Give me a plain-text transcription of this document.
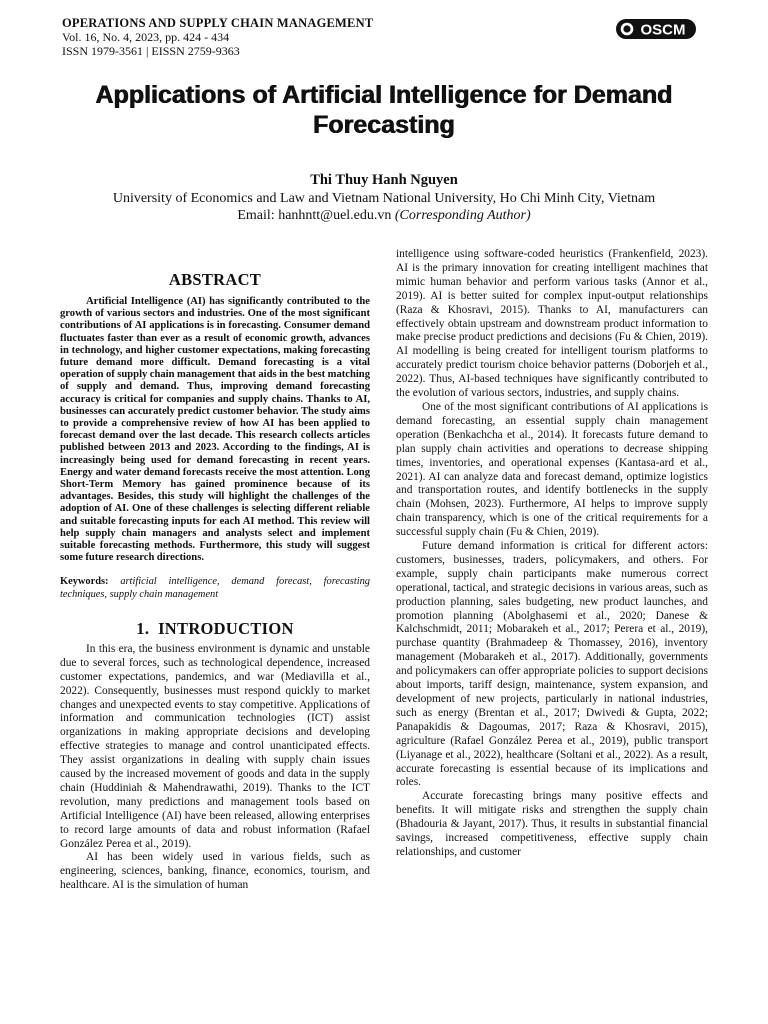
OPERATIONS AND SUPPLY CHAIN MANAGEMENT
Vol. 16, No. 4, 2023, pp. 424 - 434
ISSN 1979-3561 | EISSN 2759-9363
OSCM
Applications of Artificial Intelligence for Demand Forecasting
Thi Thuy Hanh Nguyen
University of Economics and Law and Vietnam National University, Ho Chi Minh City, Vietnam
Email: hanhntt@uel.edu.vn (Corresponding Author)
ABSTRACT

Artificial Intelligence (AI) has significantly contributed to the growth of various sectors and industries. One of the most significant contributions of AI applications is in forecasting. Consumer demand fluctuates faster than ever as a result of economic growth, advances in technology, and higher customer expectations, making forecasting future demand more difficult. Demand forecasting is a vital operation of supply chain management that aids in the best matching of supply and demand. Thus, improving demand forecasting accuracy is critical for companies and supply chains. Thanks to AI, businesses can accurately predict customer behavior. The study aims to provide a comprehensive review of how AI has been applied to forecast demand over the last decade. This research collects articles published between 2013 and 2023. According to the findings, AI is increasingly being used for demand forecasting in recent years. Energy and water demand forecasts receive the most attention. Long Short-Term Memory has gained prominence because of its advantages. Besides, this study will highlight the challenges of the adoption of AI. One of these challenges is selecting different reliable and suitable forecasting inputs for each AI method. This review will help supply chain managers and analysts select and implement suitable forecasting methods. Furthermore, this study will suggest some future research directions.

Keywords: artificial intelligence, demand forecast, forecasting techniques, supply chain management

1.  INTRODUCTION

In this era, the business environment is dynamic and unstable due to several forces, such as technological dependence, increased customer expectations, pandemics, and war (Mediavilla et al., 2022). Consequently, businesses must respond quickly to market changes and unexpected events to stay competitive. Applications of information and communication technologies (ICT) assist organizations in making appropriate decisions and developing effective strategies to manage and control unanticipated effects. They assist organizations in dealing with supply chain issues caused by the increased movement of goods and data in the supply chain (Huddiniah & Mahendrawathi, 2019). Thanks to the ICT revolution, many predictions and management tools based on Artificial Intelligence (AI) have been released, allowing enterprises to record large amounts of data and robust information (Rafael González Perea et al., 2019).

AI has been widely used in various fields, such as engineering, sciences, banking, finance, economics, tourism, and healthcare. AI is the simulation of human

intelligence using software-coded heuristics (Frankenfield, 2023). AI is the primary innovation for creating intelligent machines that mimic human behavior and perform various tasks (Annor et al., 2019). AI is better suited for complex input-output relationships (Raza & Khosravi, 2015). Thanks to AI, manufacturers can effectively obtain upstream and downstream product information to make precise product predictions and decisions (Fu & Chien, 2019). AI modelling is being created for intelligent tourism platforms to accurately predict tourism choice behavior patterns (Doborjeh et al., 2022). Thus, AI-based techniques have significantly contributed to the evolution of various sectors, industries, and supply chains.

One of the most significant contributions of AI applications is demand forecasting, an essential supply chain management operation (Benkachcha et al., 2014). It forecasts future demand to plan supply chain activities and operations to decrease shipping times, inventories, and operational expenses (Kantasa-ard et al., 2021). AI can analyze data and forecast demand, optimize logistics and transportation routes, and identify bottlenecks in the supply chain (Mohsen, 2023). Furthermore, AI helps to improve supply chain transparency, which is one of the critical requirements for a successful supply chain (Fu & Chien, 2019).

Future demand information is critical for different actors: customers, businesses, traders, policymakers, and others. For example, supply chain participants make numerous correct operational, tactical, and strategic decisions in various areas, such as production planning, sales budgeting, new product launches, and promotion planning (Abolghasemi et al., 2020; Danese & Kalchschmidt, 2011; Mobarakeh et al., 2017; Perera et al., 2019), purchase quantity (Brahmadeep & Thomassey, 2016), inventory management (Mobarakeh et al., 2017). Additionally, governments and policymakers can offer appropriate policies to support decisions about imports, tariff design, maintenance, system expansion, and development of new projects, particularly in national industries, such as energy (Brentan et al., 2017; Dwivedi & Gupta, 2022; Panapakidis & Dagoumas, 2017; Raza & Khosravi, 2015), agriculture (Rafael González Perea et al., 2019), public transport (Liyanage et al., 2022), healthcare (Soltani et al., 2022). As a result, accurate forecasting is essential because of its implications and roles.

Accurate forecasting brings many positive effects and benefits. It will mitigate risks and strengthen the supply chain (Bhadouria & Jayant, 2017). Thus, it results in substantial financial savings, increased competitiveness, effective supply chain relationships, and customer
